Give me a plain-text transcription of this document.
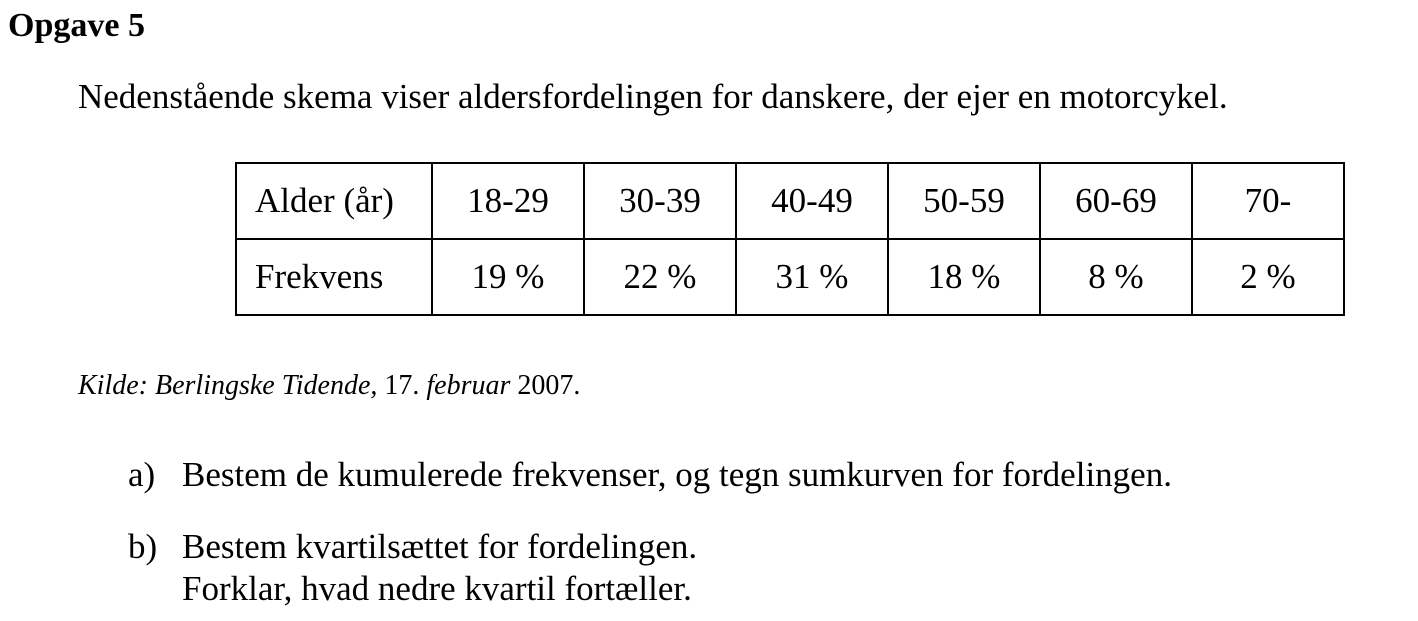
Opgave 5
Nedenstående skema viser aldersfordelingen for danskere, der ejer en motorcykel.
Alder (år)	18-29	30-39	40-49	50-59	60-69	70-
Frekvens	19 %	22 %	31 %	18 %	8 %	2 %
Kilde: Berlingske Tidende, 17. februar 2007.
a) Bestem de kumulerede frekvenser, og tegn sumkurven for fordelingen.
b) Bestem kvartilsættet for fordelingen.
Forklar, hvad nedre kvartil fortæller.
